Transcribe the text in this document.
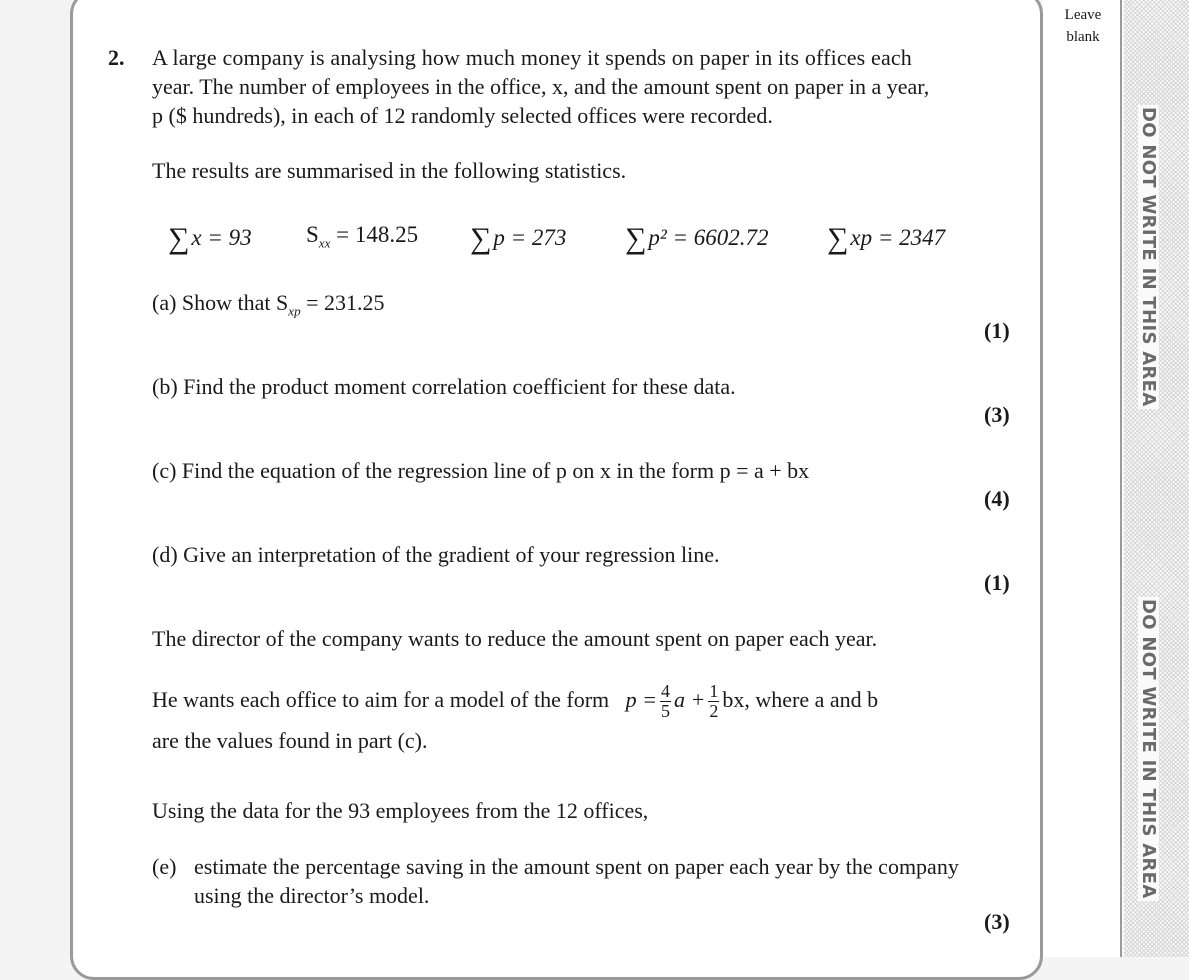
Leave
blank
DO NOT WRITE IN THIS AREA
DO NOT WRITE IN THIS AREA
2. A large company is analysing how much money it spends on paper in its offices each
year. The number of employees in the office, x, and the amount spent on paper in a year,
p ($ hundreds), in each of 12 randomly selected offices were recorded.
The results are summarised in the following statistics.
∑x = 93 $S_{xx} = 148.25$ ∑p = 273 ∑p² = 6602.72 ∑xp = 2347
(a) Show that $S_{xp} = 231.25$
(1)
(b) Find the product moment correlation coefficient for these data.
(3)
(c) Find the equation of the regression line of p on x in the form p = a + bx
(4)
(d) Give an interpretation of the gradient of your regression line.
(1)
The director of the company wants to reduce the amount spent on paper each year.
He wants each office to aim for a model of the form $p = \frac{4}{5}$ $a + \frac{1}{2}$ bx, where a and b
are the values found in part (c).
Using the data for the 93 employees from the 12 offices,
(e) estimate the percentage saving in the amount spent on paper each year by the company
using the director’s model.
(3)
